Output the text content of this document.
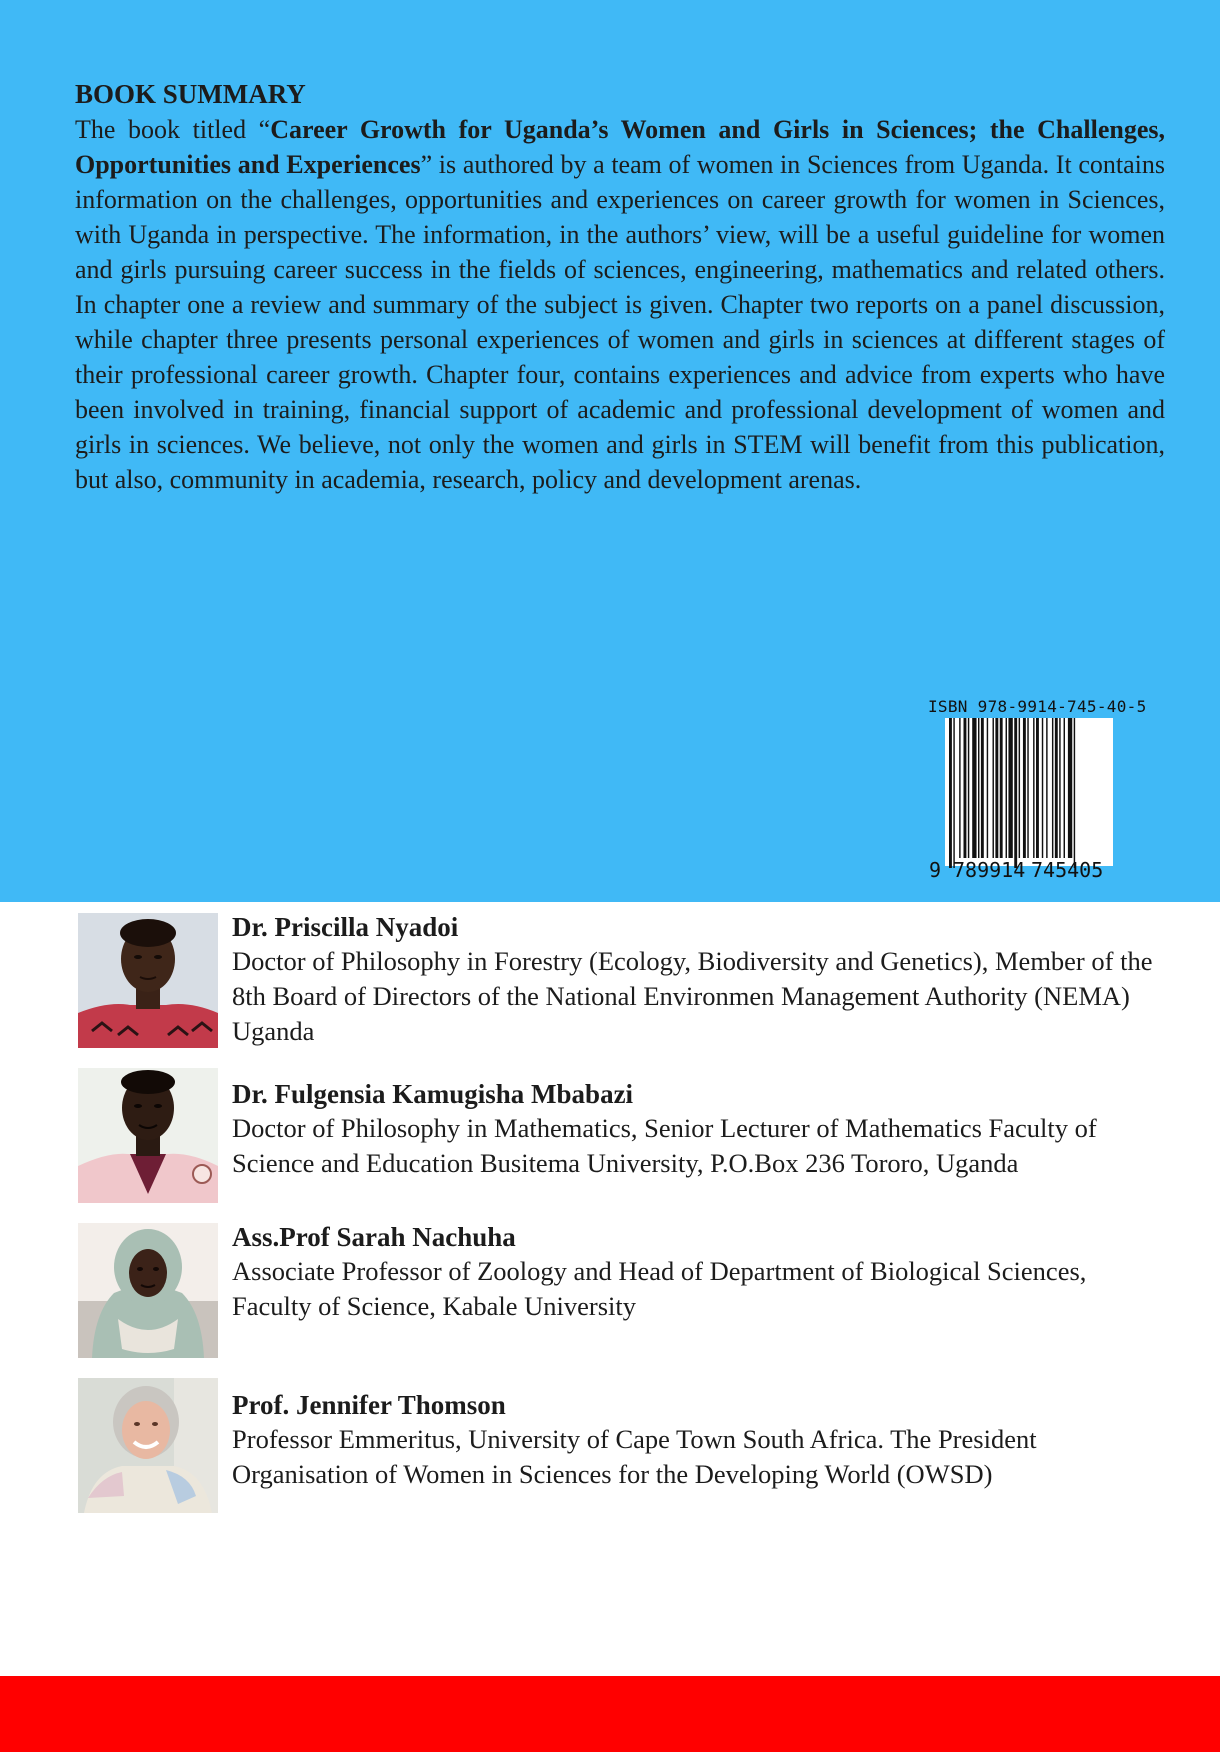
BOOK SUMMARY

The book titled “Career Growth for Uganda’s Women and Girls in Sciences; the Challenges, Opportunities and Experiences” is authored by a team of women in Sciences from Uganda. It contains information on the challenges, opportunities and experiences on career growth for women in Sciences, with Uganda in perspective. The information, in the authors’ view, will be a useful guideline for women and girls pursuing career success in the fields of sciences, engineering, mathematics and related others. In chapter one a review and summary of the subject is given. Chapter two reports on a panel discussion, while chapter three presents personal experiences of women and girls in sciences at different stages of their professional career growth. Chapter four, contains experiences and advice from experts who have been involved in training, financial support of academic and professional development of women and girls in sciences. We believe, not only the women and girls in STEM will benefit from this publication, but also, community in academia, research, policy and development arenas.

ISBN 978-9914-745-40-5
9 789914 745405

Dr. Priscilla Nyadoi

Doctor of Philosophy in Forestry (Ecology, Biodiversity and Genetics), Member of the 8th Board of Directors of the National Environmen Management Authority (NEMA) Uganda

Dr. Fulgensia Kamugisha Mbabazi

Doctor of Philosophy in Mathematics, Senior Lecturer of Mathematics Faculty of Science and Education Busitema University, P.O.Box 236 Tororo, Uganda

Ass.Prof Sarah Nachuha

Associate Professor of Zoology and Head of Department of Biological Sciences, Faculty of Science, Kabale University

Prof. Jennifer Thomson

Professor Emmeritus, University of Cape Town South Africa. The President Organisation of Women in Sciences for the Developing World (OWSD)
